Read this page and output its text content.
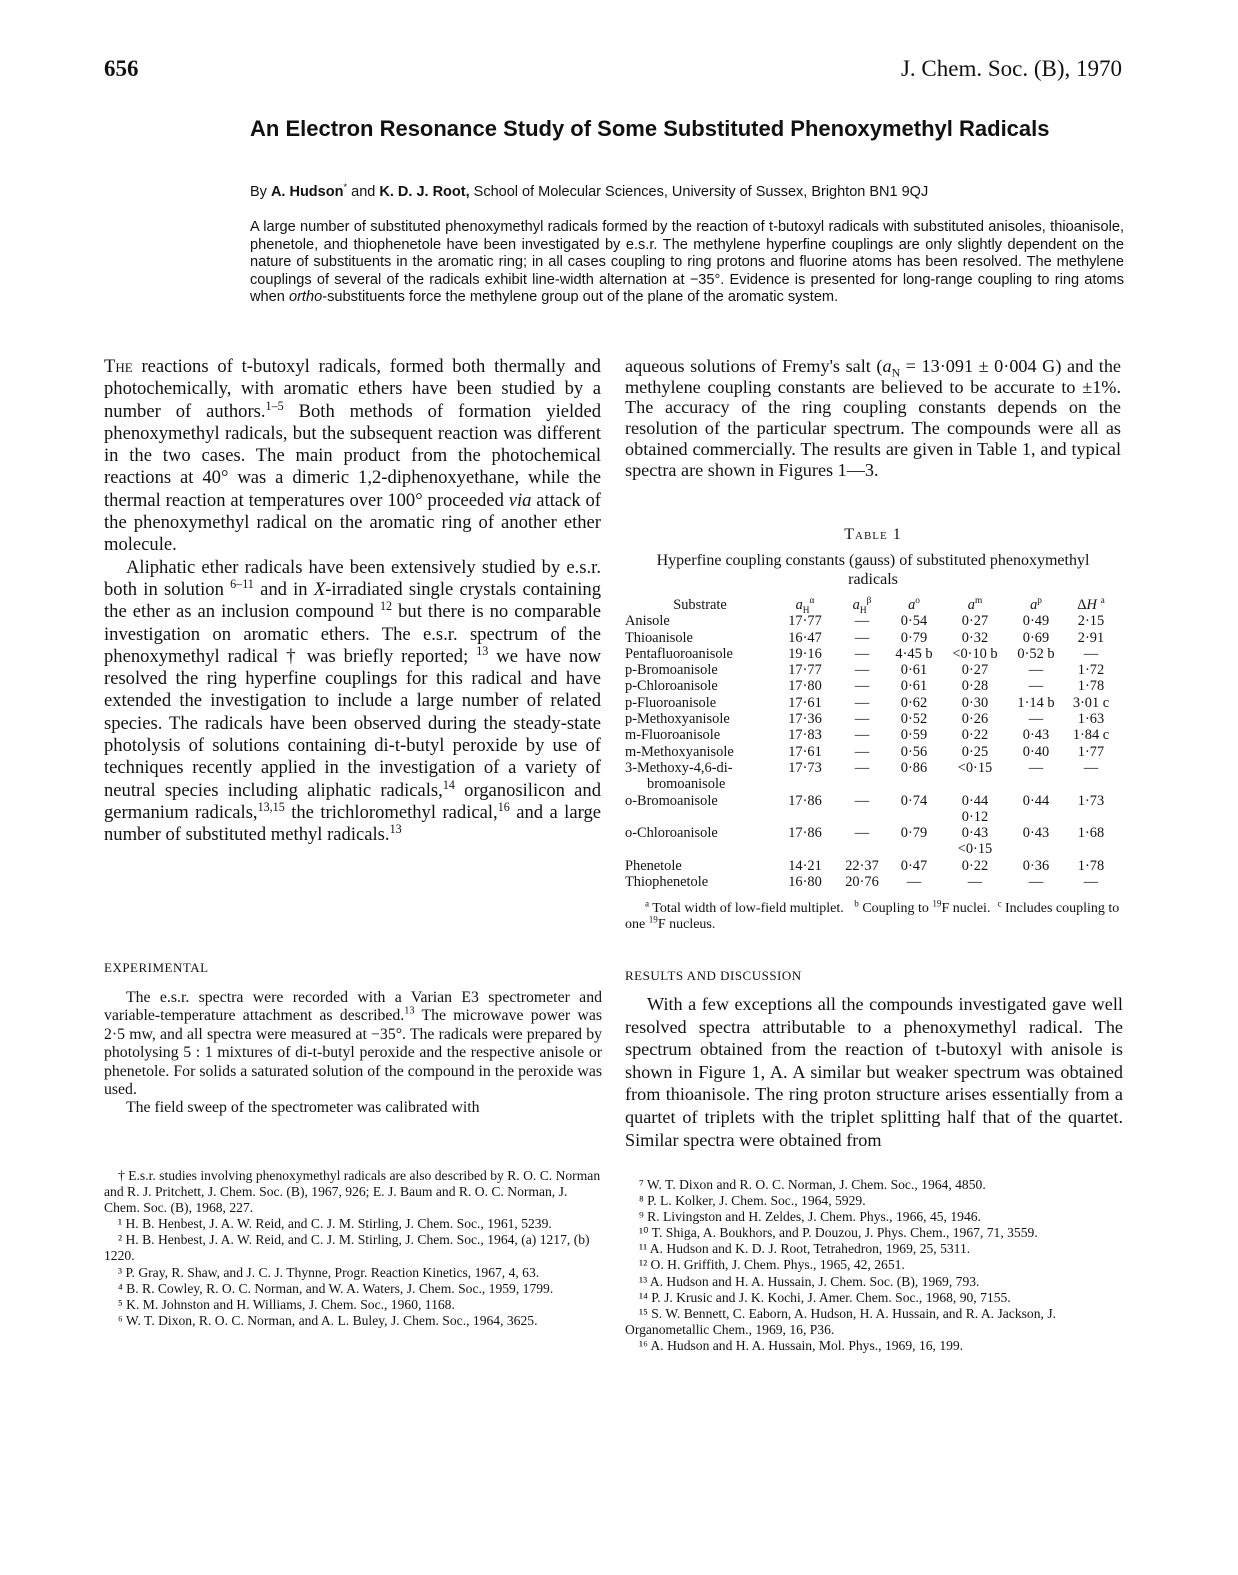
656	J. Chem. Soc. (B), 1970
An Electron Resonance Study of Some Substituted Phenoxymethyl Radicals
By A. Hudson* and K. D. J. Root, School of Molecular Sciences, University of Sussex, Brighton BN1 9QJ
A large number of substituted phenoxymethyl radicals formed by the reaction of t-butoxyl radicals with substituted anisoles, thioanisole, phenetole, and thiophenetole have been investigated by e.s.r. The methylene hyperfine couplings are only slightly dependent on the nature of substituents in the aromatic ring; in all cases coupling to ring protons and fluorine atoms has been resolved. The methylene couplings of several of the radicals exhibit line-width alternation at −35°. Evidence is presented for long-range coupling to ring atoms when ortho-substituents force the methylene group out of the plane of the aromatic system.

The reactions of t-butoxyl radicals, formed both thermally and photochemically, with aromatic ethers have been studied by a number of authors.$^{1-5}$ Both methods of formation yielded phenoxymethyl radicals, but the subsequent reaction was different in the two cases. The main product from the photochemical reactions at 40° was a dimeric 1,2-diphenoxyethane, while the thermal reaction at temperatures over 100° proceeded via attack of the phenoxymethyl radical on the aromatic ring of another ether molecule.

Aliphatic ether radicals have been extensively studied by e.s.r. both in solution $^{6-11}$ and in X-irradiated single crystals containing the ether as an inclusion compound $^{12}$ but there is no comparable investigation on aromatic ethers. The e.s.r. spectrum of the phenoxymethyl radical † was briefly reported; $^{13}$ we have now resolved the ring hyperfine couplings for this radical and have extended the investigation to include a large number of related species. The radicals have been observed during the steady-state photolysis of solutions containing di-t-butyl peroxide by use of techniques recently applied in the investigation of a variety of neutral species including aliphatic radicals,$^{14}$ organosilicon and germanium radicals,$^{13,15}$ the trichloromethyl radical,$^{16}$ and a large number of substituted methyl radicals.$^{13}$

EXPERIMENTAL

The e.s.r. spectra were recorded with a Varian E3 spectrometer and variable-temperature attachment as described.$^{13}$ The microwave power was 2·5 mw, and all spectra were measured at −35°. The radicals were prepared by photolysing 5 : 1 mixtures of di-t-butyl peroxide and the respective anisole or phenetole. For solids a saturated solution of the compound in the peroxide was used.

The field sweep of the spectrometer was calibrated with

† E.s.r. studies involving phenoxymethyl radicals are also described by R. O. C. Norman and R. J. Pritchett, J. Chem. Soc. (B), 1967, 926; E. J. Baum and R. O. C. Norman, J. Chem. Soc. (B), 1968, 227.
¹ H. B. Henbest, J. A. W. Reid, and C. J. M. Stirling, J. Chem. Soc., 1961, 5239.
² H. B. Henbest, J. A. W. Reid, and C. J. M. Stirling, J. Chem. Soc., 1964, (a) 1217, (b) 1220.
³ P. Gray, R. Shaw, and J. C. J. Thynne, Progr. Reaction Kinetics, 1967, 4, 63.
⁴ B. R. Cowley, R. O. C. Norman, and W. A. Waters, J. Chem. Soc., 1959, 1799.
⁵ K. M. Johnston and H. Williams, J. Chem. Soc., 1960, 1168.
⁶ W. T. Dixon, R. O. C. Norman, and A. L. Buley, J. Chem. Soc., 1964, 3625.
aqueous solutions of Fremy's salt ($a_N = 13\cdot 091 \pm 0\cdot 004$ G) and the methylene coupling constants are believed to be accurate to ±1%. The accuracy of the ring coupling constants depends on the resolution of the particular spectrum. The compounds were all as obtained commercially. The results are given in Table 1, and typical spectra are shown in Figures 1—3.
Table 1
Hyperfine coupling constants (gauss) of substituted phenoxymethyl radicals
Substrate	$a_H^\alpha$	$a_H^\beta$	$a^o$	$a^m$	$a^p$	ΔH $^a$
Anisole	17·77	—	0·54	0·27	0·49	2·15
Thioanisole	16·47	—	0·79	0·32	0·69	2·91
Pentafluoroanisole	19·16	—	4·45 b	<0·10 b	0·52 b	—
p-Bromoanisole	17·77	—	0·61	0·27	—	1·72
p-Chloroanisole	17·80	—	0·61	0·28	—	1·78
p-Fluoroanisole	17·61	—	0·62	0·30	1·14 b	3·01 c
p-Methoxyanisole	17·36	—	0·52	0·26	—	1·63
m-Fluoroanisole	17·83	—	0·59	0·22	0·43	1·84 c
m-Methoxyanisole	17·61	—	0·56	0·25	0·40	1·77
3-Methoxy-4,6-di-	17·73	—	0·86	<0·15	—	—
bromoanisole						
o-Bromoanisole	17·86	—	0·74	0·44	0·44	1·73
				0·12		
o-Chloroanisole	17·86	—	0·79	0·43	0·43	1·68
				<0·15		
Phenetole	14·21	22·37	0·47	0·22	0·36	1·78
Thiophenetole	16·80	20·76	—	—	—	—
$^a$ Total width of low-field multiplet. $^b$ Coupling to $^{19}$F nuclei. $^c$ Includes coupling to one $^{19}$F nucleus.
RESULTS AND DISCUSSION
With a few exceptions all the compounds investigated gave well resolved spectra attributable to a phenoxymethyl radical. The spectrum obtained from the reaction of t-butoxyl with anisole is shown in Figure 1, A. A similar but weaker spectrum was obtained from thioanisole. The ring proton structure arises essentially from a quartet of triplets with the triplet splitting half that of the quartet. Similar spectra were obtained from
⁷ W. T. Dixon and R. O. C. Norman, J. Chem. Soc., 1964, 4850.
⁸ P. L. Kolker, J. Chem. Soc., 1964, 5929.
⁹ R. Livingston and H. Zeldes, J. Chem. Phys., 1966, 45, 1946.
¹⁰ T. Shiga, A. Boukhors, and P. Douzou, J. Phys. Chem., 1967, 71, 3559.
¹¹ A. Hudson and K. D. J. Root, Tetrahedron, 1969, 25, 5311.
¹² O. H. Griffith, J. Chem. Phys., 1965, 42, 2651.
¹³ A. Hudson and H. A. Hussain, J. Chem. Soc. (B), 1969, 793.
¹⁴ P. J. Krusic and J. K. Kochi, J. Amer. Chem. Soc., 1968, 90, 7155.
¹⁵ S. W. Bennett, C. Eaborn, A. Hudson, H. A. Hussain, and R. A. Jackson, J. Organometallic Chem., 1969, 16, P36.
¹⁶ A. Hudson and H. A. Hussain, Mol. Phys., 1969, 16, 199.
